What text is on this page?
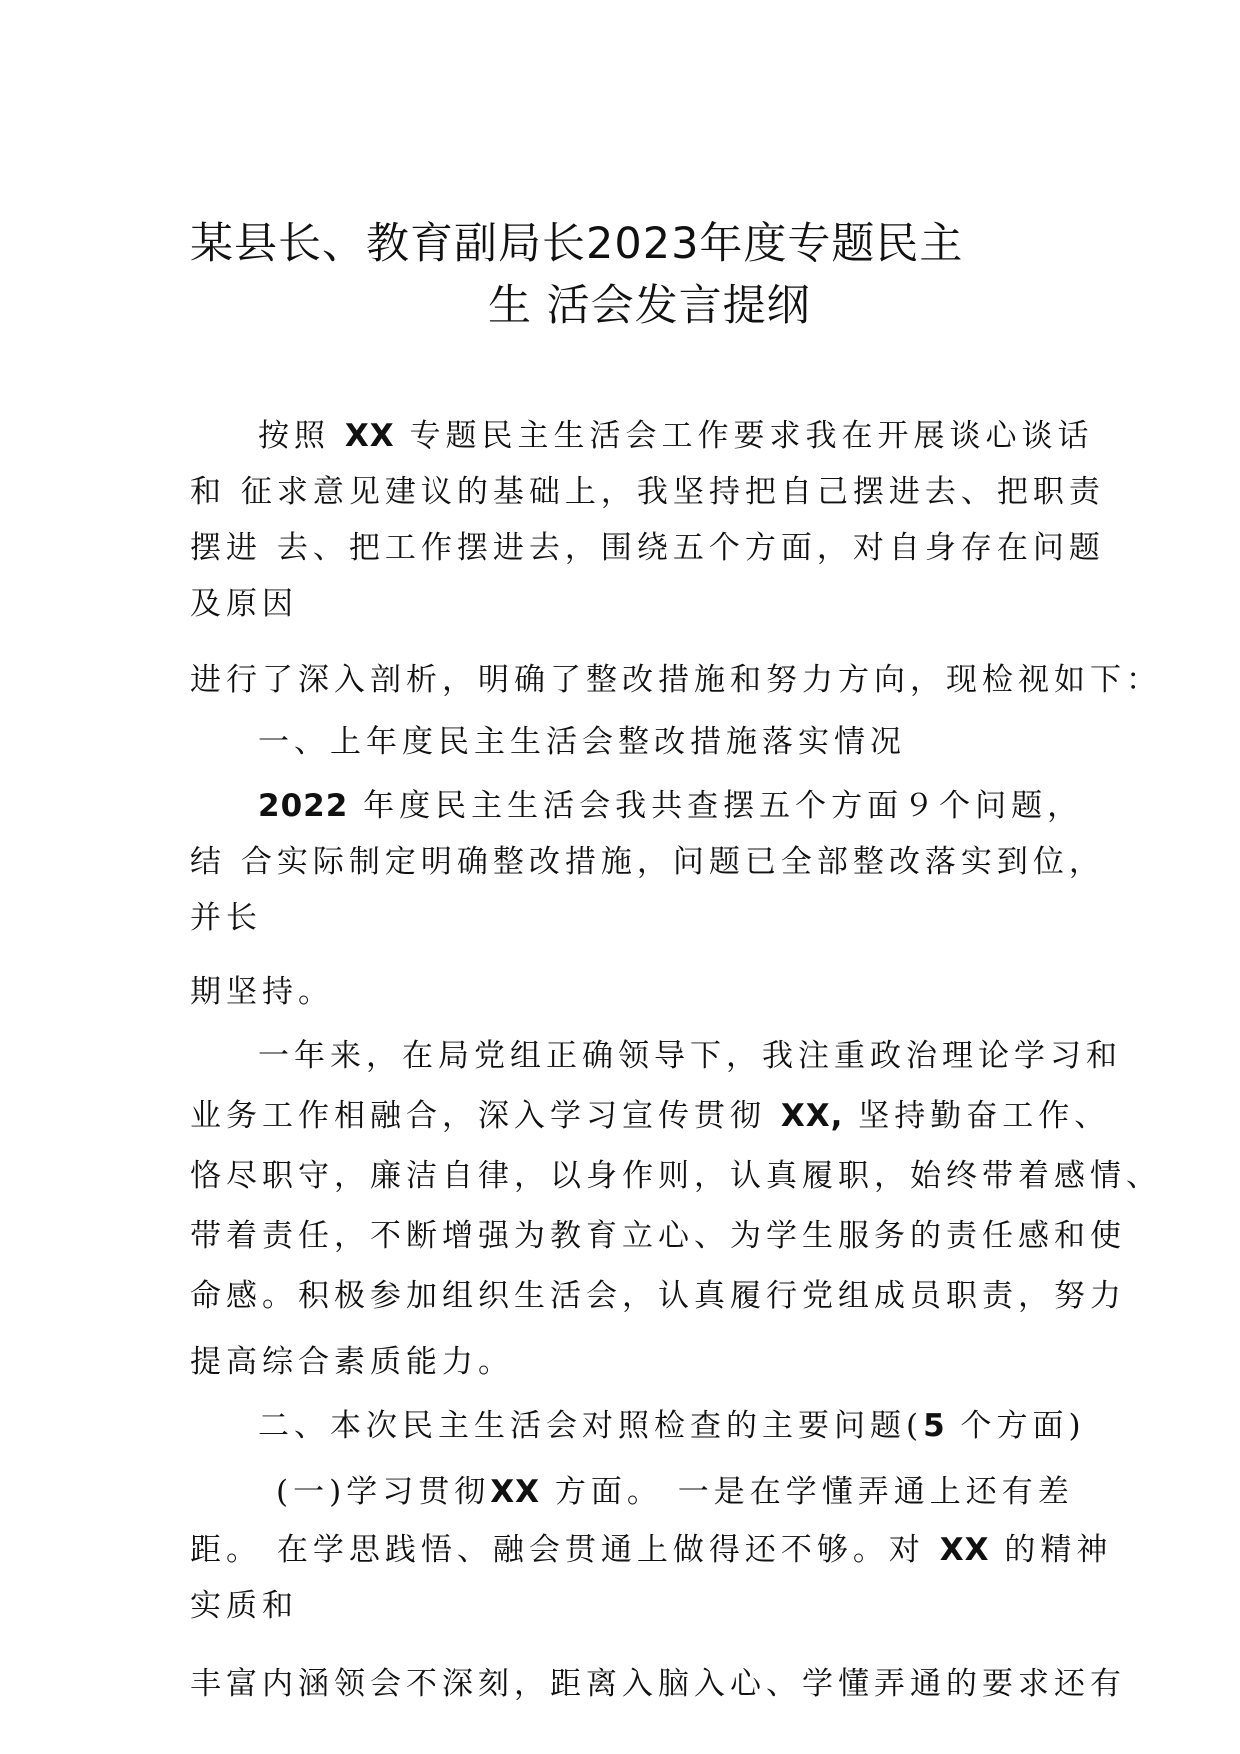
某县长、教育副局长2023年度专题民主
生 活会发言提纲

按照 XX 专题民主生活会工作要求我在开展谈心谈话

和 征求意见建议的基础上，我坚持把自己摆进去、把职责

摆进 去、把工作摆进去，围绕五个方面，对自身存在问题

及原因

进行了深入剖析，明确了整改措施和努力方向，现检视如下：

一、上年度民主生活会整改措施落实情况

2022 年度民主生活会我共查摆五个方面９个问题，

结 合实际制定明确整改措施，问题已全部整改落实到位，

并长

期坚持。

一年来，在局党组正确领导下，我注重政治理论学习和

业务工作相融合，深入学习宣传贯彻 XX, 坚持勤奋工作、

恪尽职守，廉洁自律，以身作则，认真履职，始终带着感情、

带着责任，不断增强为教育立心、为学生服务的责任感和使

命感。积极参加组织生活会，认真履行党组成员职责，努力

提高综合素质能力。

二、本次民主生活会对照检查的主要问题(5 个方面)

(一)学习贯彻XX 方面。 一是在学懂弄通上还有差

距。 在学思践悟、融会贯通上做得还不够。对 XX 的精神

实质和

丰富内涵领会不深刻，距离入脑入心、学懂弄通的要求还有
